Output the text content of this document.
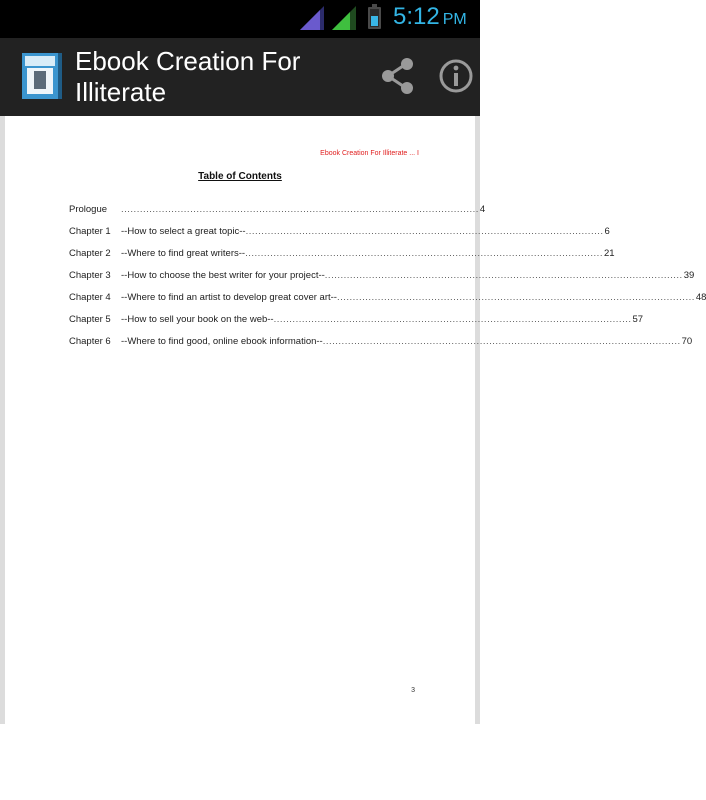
5:12 PM
Ebook Creation For Illiterate
Ebook Creation For Illiterate ... I
Table of Contents
Prologue	.................................................................................................................. 4
Chapter 1	--How to select a great topic-- .................................................................................................................. 6
Chapter 2	--Where to find great writers-- .................................................................................................................. 21
Chapter 3	--How to choose the best writer for your project-- .................................................................................................................. 39
Chapter 4	--Where to find an artist to develop great cover art-- .................................................................................................................. 48
Chapter 5	--How to sell your book on the web-- .................................................................................................................. 57
Chapter 6	--Where to find good, online ebook information-- .................................................................................................................. 70
3
